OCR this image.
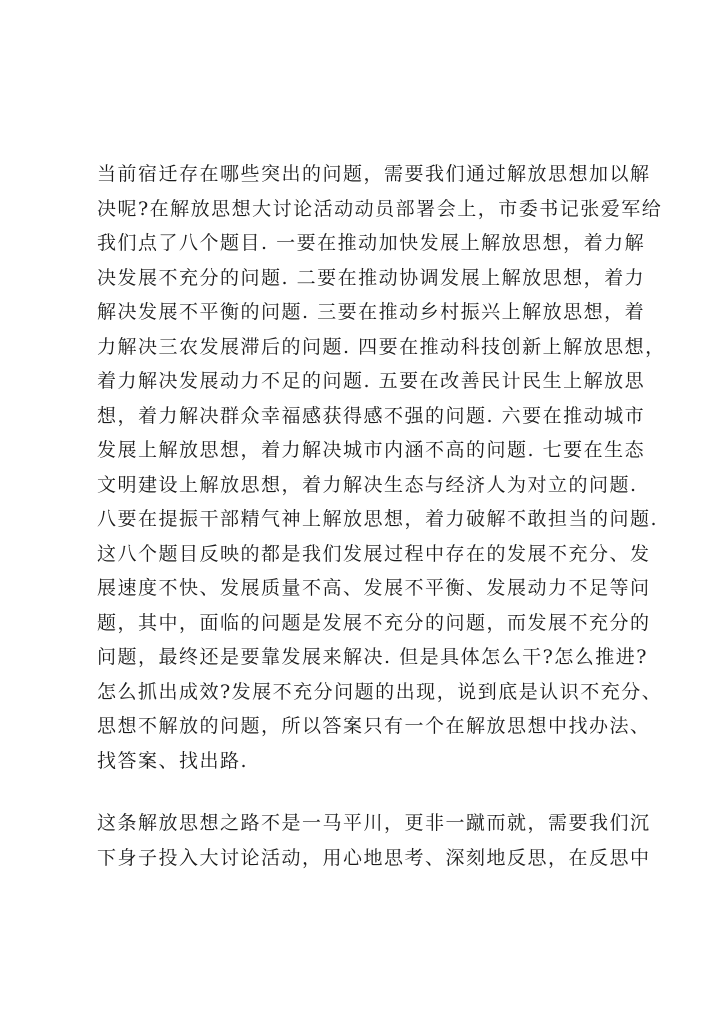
当前宿迁存在哪些突出的问题，需要我们通过解放思想加以解
决呢?在解放思想大讨论活动动员部署会上，市委书记张爱军给
我们点了八个题目. 一要在推动加快发展上解放思想，着力解
决发展不充分的问题. 二要在推动协调发展上解放思想，着力
解决发展不平衡的问题. 三要在推动乡村振兴上解放思想，着
力解决三农发展滞后的问题. 四要在推动科技创新上解放思想，
着力解决发展动力不足的问题. 五要在改善民计民生上解放思
想，着力解决群众幸福感获得感不强的问题. 六要在推动城市
发展上解放思想，着力解决城市内涵不高的问题. 七要在生态
文明建设上解放思想，着力解决生态与经济人为对立的问题.
八要在提振干部精气神上解放思想，着力破解不敢担当的问题.
这八个题目反映的都是我们发展过程中存在的发展不充分、发
展速度不快、发展质量不高、发展不平衡、发展动力不足等问
题，其中，面临的问题是发展不充分的问题，而发展不充分的
问题，最终还是要靠发展来解决. 但是具体怎么干?怎么推进?
怎么抓出成效?发展不充分问题的出现，说到底是认识不充分、
思想不解放的问题，所以答案只有一个在解放思想中找办法、
找答案、找出路.
这条解放思想之路不是一马平川，更非一蹴而就，需要我们沉
下身子投入大讨论活动，用心地思考、深刻地反思，在反思中
